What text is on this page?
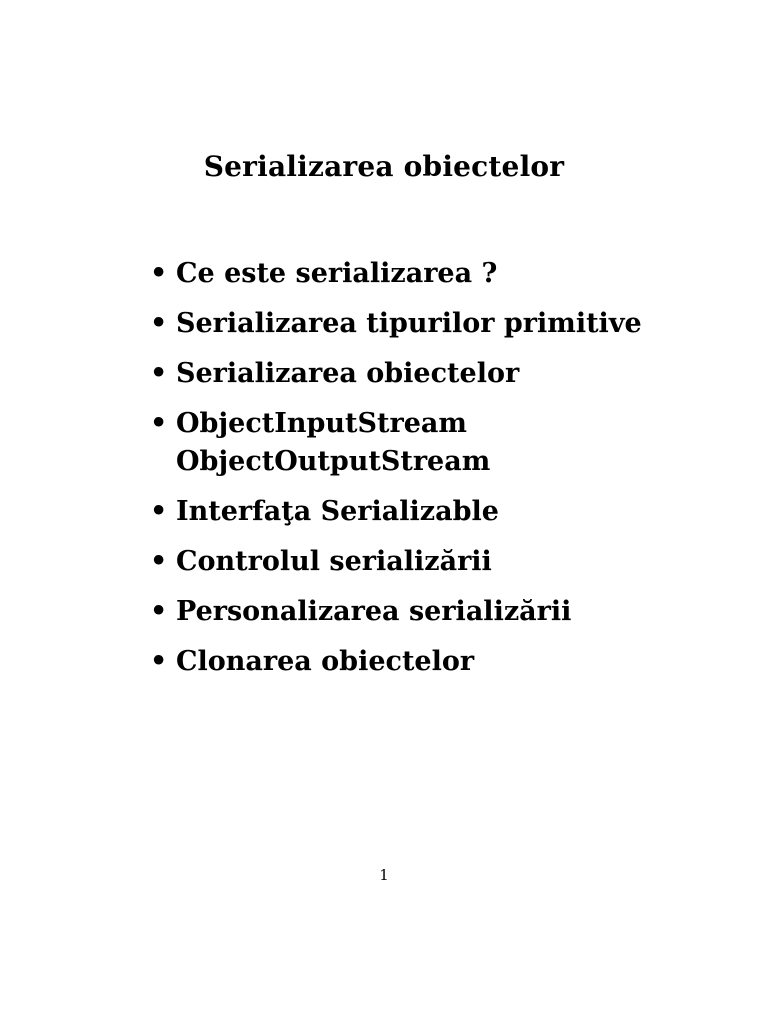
Serializarea obiectelor
• Ce este serializarea ?
• Serializarea tipurilor primitive
• Serializarea obiectelor
• ObjectInputStream
ObjectOutputStream
• Interfaţa Serializable
• Controlul serializării
• Personalizarea serializării
• Clonarea obiectelor
1
